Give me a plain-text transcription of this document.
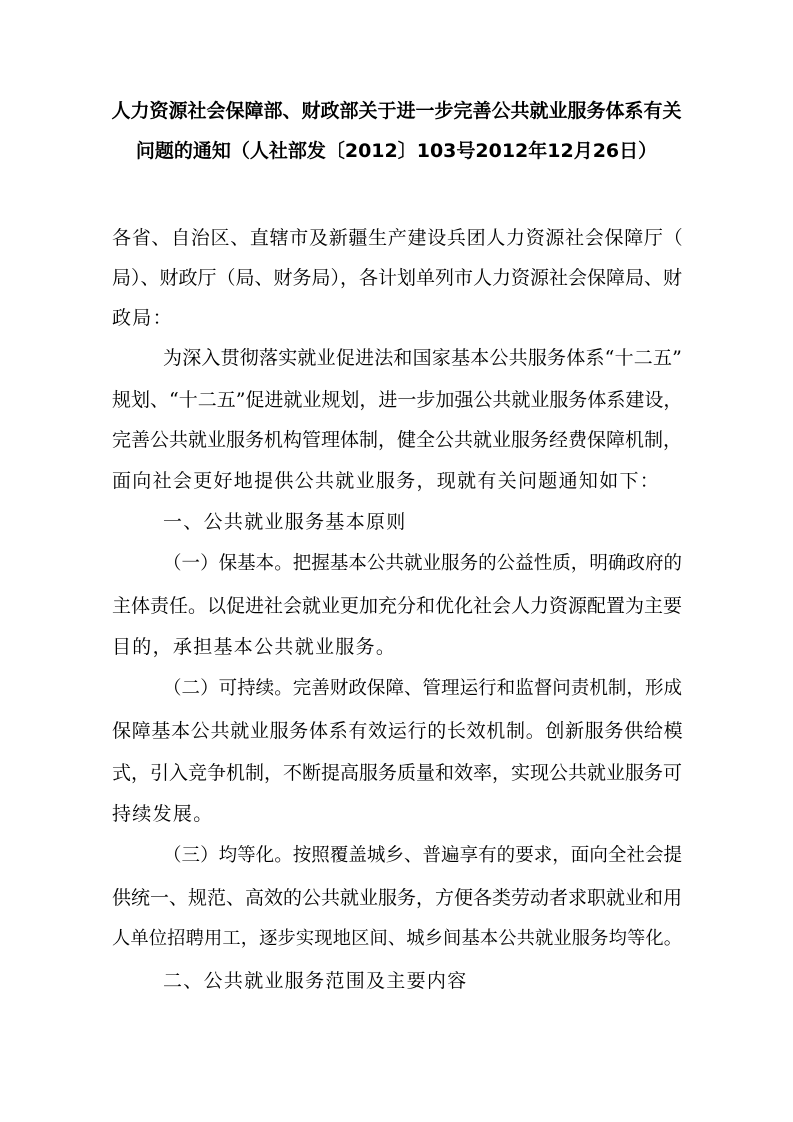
人力资源社会保障部、财政部关于进一步完善公共就业服务体系有关
问题的通知（人社部发〔2012〕103号2012年12月26日）
各省、自治区、直辖市及新疆生产建设兵团人力资源社会保障厅（
局）、财政厅（局、财务局），各计划单列市人力资源社会保障局、财
政局：
为深入贯彻落实就业促进法和国家基本公共服务体系“十二五”
规划、“十二五”促进就业规划，进一步加强公共就业服务体系建设，
完善公共就业服务机构管理体制，健全公共就业服务经费保障机制，
面向社会更好地提供公共就业服务，现就有关问题通知如下：
一、公共就业服务基本原则
（一）保基本。把握基本公共就业服务的公益性质，明确政府的
主体责任。以促进社会就业更加充分和优化社会人力资源配置为主要
目的，承担基本公共就业服务。
（二）可持续。完善财政保障、管理运行和监督问责机制，形成
保障基本公共就业服务体系有效运行的长效机制。创新服务供给模
式，引入竞争机制，不断提高服务质量和效率，实现公共就业服务可
持续发展。
（三）均等化。按照覆盖城乡、普遍享有的要求，面向全社会提
供统一、规范、高效的公共就业服务，方便各类劳动者求职就业和用
人单位招聘用工，逐步实现地区间、城乡间基本公共就业服务均等化。
二、公共就业服务范围及主要内容
